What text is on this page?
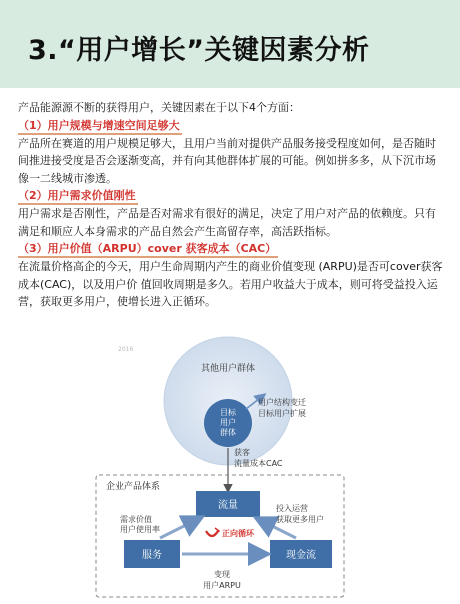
3.“用户增长”关键因素分析

产品能源源不断的获得用户，关键因素在于以下4个方面：

（1）用户规模与增速空间足够大

产品所在赛道的用户规模足够大，且用户当前对提供产品服务接受程度如何，是否随时间推进接受度是否会逐渐变高，并有向其他群体扩展的可能。例如拼多多，从下沉市场像一二线城市渗透。

（2）用户需求价值刚性

用户需求是否刚性，产品是否对需求有很好的满足，决定了用户对产品的依赖度。只有满足和顺应人本身需求的产品自然会产生高留存率，高活跃指标。

（3）用户价值（ARPU）cover 获客成本（CAC）

在流量价格高企的今天，用户生命周期内产生的商业价值变现 (ARPU)是否可cover获客成本(CAC)，以及用户价 值回收周期是多久。若用户收益大于成本，则可将受益投入运营，获取更多用户，使增长进入正循环。

2016
其他用户群体
目标
用户
群体
用户结构变迁
目标用户扩展
获客
流量成本CAC
企业产品体系
流量
服务	现金流
需求价值
用户使用率
投入运营
获取更多用户
正向循环
变现
用户ARPU
